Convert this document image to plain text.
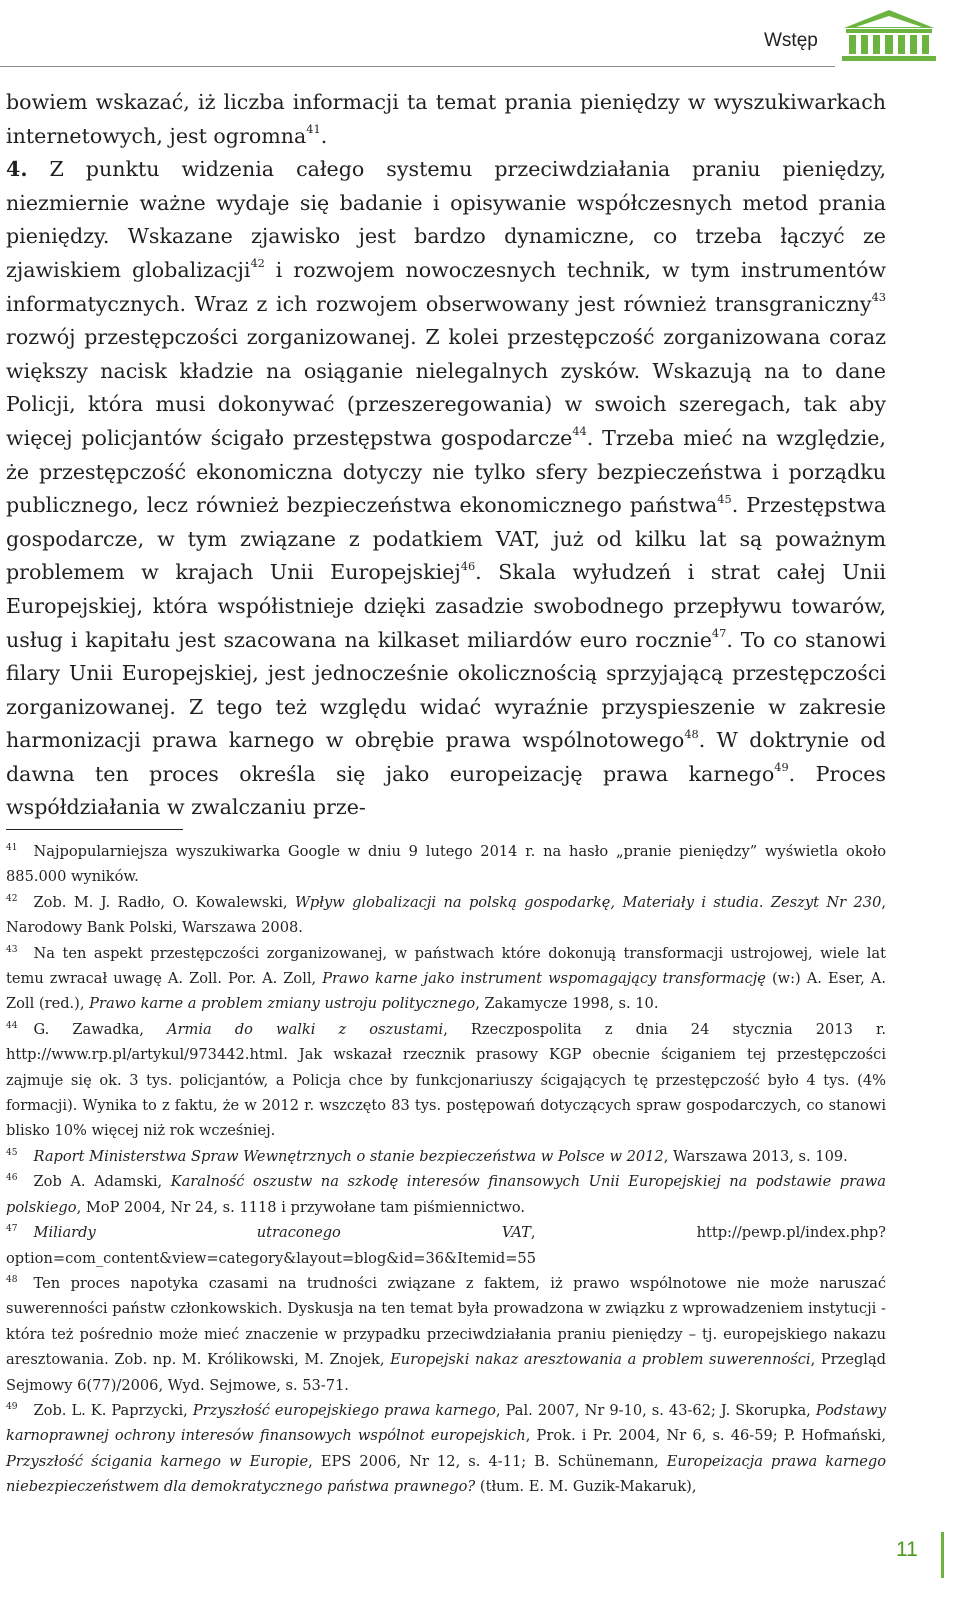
Wstęp

bowiem wskazać, iż liczba informacji ta temat prania pieniędzy w wyszukiwarkach internetowych, jest ogromna$^{41}$.
4. Z punktu widzenia całego systemu przeciwdziałania praniu pieniędzy, niezmiernie ważne wydaje się badanie i opisywanie współczesnych metod prania pieniędzy. Wskazane zjawisko jest bardzo dynamiczne, co trzeba łączyć ze zjawiskiem globalizacji$^{42}$ i rozwojem nowoczesnych technik, w tym instrumentów informatycznych. Wraz z ich rozwojem obserwowany jest również transgraniczny$^{43}$ rozwój przestępczości zorganizowanej. Z kolei przestępczość zorganizowana coraz większy nacisk kładzie na osiąganie nielegalnych zysków. Wskazują na to dane Policji, która musi dokonywać (przeszeregowania) w swoich szeregach, tak aby więcej policjantów ścigało przestępstwa gospodarcze$^{44}$. Trzeba mieć na względzie, że przestępczość ekonomiczna dotyczy nie tylko sfery bezpieczeństwa i porządku publicznego, lecz również bezpieczeństwa ekonomicznego państwa$^{45}$. Przestępstwa gospodarcze, w tym związane z podatkiem VAT, już od kilku lat są poważnym problemem w krajach Unii Europejskiej$^{46}$. Skala wyłudzeń i strat całej Unii Europejskiej, która współistnieje dzięki zasadzie swobodnego przepływu towarów, usług i kapitału jest szacowana na kilkaset miliardów euro rocznie$^{47}$. To co stanowi filary Unii Europejskiej, jest jednocześnie okolicznością sprzyjającą przestępczości zorganizowanej. Z tego też względu widać wyraźnie przyspieszenie w zakresie harmonizacji prawa karnego w obrębie prawa wspólnotowego$^{48}$. W doktrynie od dawna ten proces określa się jako europeizację prawa karnego$^{49}$. Proces współdziałania w zwalczaniu prze-

$^{41}$ Najpopularniejsza wyszukiwarka Google w dniu 9 lutego 2014 r. na hasło „pranie pieniędzy” wyświetla około 885.000 wyników.

$^{42}$ Zob. M. J. Radło, O. Kowalewski, Wpływ globalizacji na polską gospodarkę, Materiały i studia. Zeszyt Nr 230, Narodowy Bank Polski, Warszawa 2008.

$^{43}$ Na ten aspekt przestępczości zorganizowanej, w państwach które dokonują transformacji ustrojowej, wiele lat temu zwracał uwagę A. Zoll. Por. A. Zoll, Prawo karne jako instrument wspomagający transformację (w:) A. Eser, A. Zoll (red.), Prawo karne a problem zmiany ustroju politycznego, Zakamycze 1998, s. 10.

$^{44}$ G. Zawadka, Armia do walki z oszustami, Rzeczpospolita z dnia 24 stycznia 2013 r. http://www.rp.pl/artykul/973442.html. Jak wskazał rzecznik prasowy KGP obecnie ściganiem tej przestępczości zajmuje się ok. 3 tys. policjantów, a Policja chce by funkcjonariuszy ścigających tę przestępczość było 4 tys. (4% formacji). Wynika to z faktu, że w 2012 r. wszczęto 83 tys. postępowań dotyczących spraw gospodarczych, co stanowi blisko 10% więcej niż rok wcześniej.

$^{45}$ Raport Ministerstwa Spraw Wewnętrznych o stanie bezpieczeństwa w Polsce w 2012, Warszawa 2013, s. 109.

$^{46}$ Zob A. Adamski, Karalność oszustw na szkodę interesów finansowych Unii Europejskiej na podstawie prawa polskiego, MoP 2004, Nr 24, s. 1118 i przywołane tam piśmiennictwo.

$^{47}$ Miliardy utraconego VAT, http://pewp.pl/index.php?option=com_content&view=category&layout=blog&id=36&Itemid=55

$^{48}$ Ten proces napotyka czasami na trudności związane z faktem, iż prawo wspólnotowe nie może naruszać suwerenności państw członkowskich. Dyskusja na ten temat była prowadzona w związku z wprowadzeniem instytucji - która też pośrednio może mieć znaczenie w przypadku przeciwdziałania praniu pieniędzy – tj. europejskiego nakazu aresztowania. Zob. np. M. Królikowski, M. Znojek, Europejski nakaz aresztowania a problem suwerenności, Przegląd Sejmowy 6(77)/2006, Wyd. Sejmowe, s. 53-71.

$^{49}$ Zob. L. K. Paprzycki, Przyszłość europejskiego prawa karnego, Pal. 2007, Nr 9-10, s. 43-62; J. Skorupka, Podstawy karnoprawnej ochrony interesów finansowych wspólnot europejskich, Prok. i Pr. 2004, Nr 6, s. 46-59; P. Hofmański, Przyszłość ścigania karnego w Europie, EPS 2006, Nr 12, s. 4-11; B. Schünemann, Europeizacja prawa karnego niebezpieczeństwem dla demokratycznego państwa prawnego? (tłum. E. M. Guzik-Makaruk),

11
